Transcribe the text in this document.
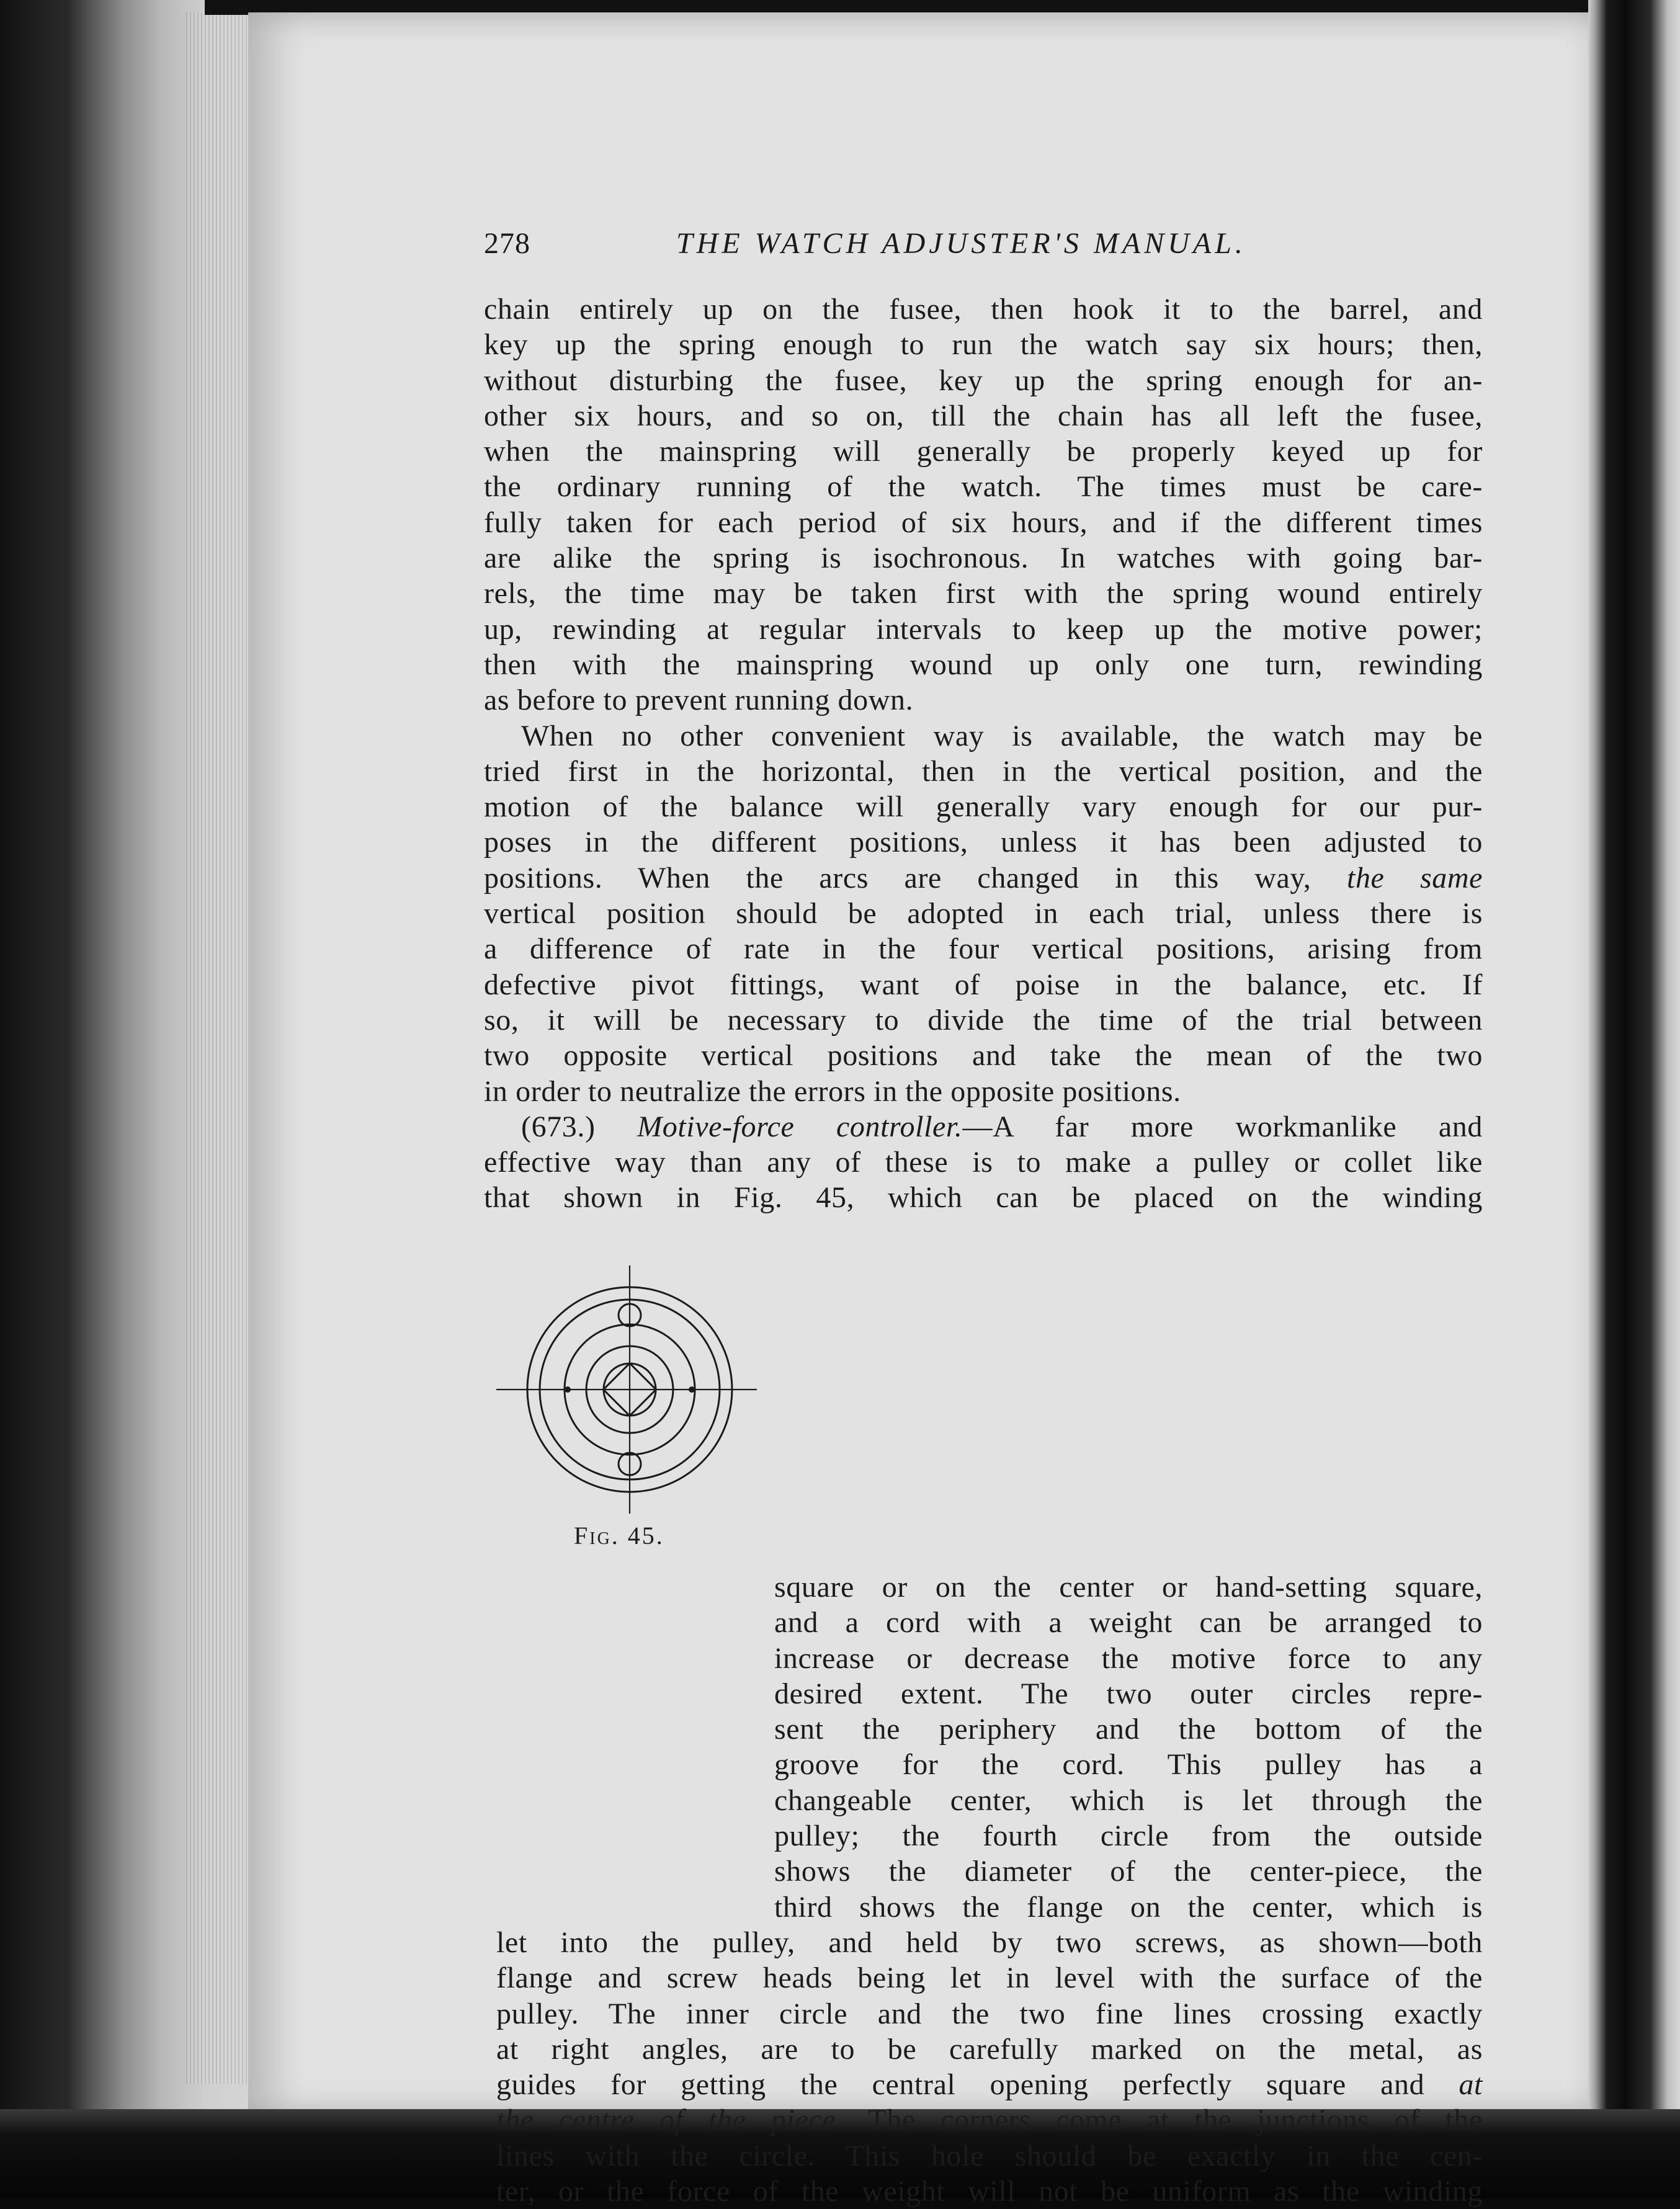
278	THE WATCH ADJUSTER'S MANUAL.
chain entirely up on the fusee, then hook it to the barrel, and
key up the spring enough to run the watch say six hours; then,
without disturbing the fusee, key up the spring enough for an-
other six hours, and so on, till the chain has all left the fusee,
when the mainspring will generally be properly keyed up for
the ordinary running of the watch. The times must be care-
fully taken for each period of six hours, and if the different times
are alike the spring is isochronous. In watches with going bar-
rels, the time may be taken first with the spring wound entirely
up, rewinding at regular intervals to keep up the motive power;
then with the mainspring wound up only one turn, rewinding
as before to prevent running down.
When no other convenient way is available, the watch may be
tried first in the horizontal, then in the vertical position, and the
motion of the balance will generally vary enough for our pur-
poses in the different positions, unless it has been adjusted to
positions. When the arcs are changed in this way, the same
vertical position should be adopted in each trial, unless there is
a difference of rate in the four vertical positions, arising from
defective pivot fittings, want of poise in the balance, etc. If
so, it will be necessary to divide the time of the trial between
two opposite vertical positions and take the mean of the two
in order to neutralize the errors in the opposite positions.
(673.) Motive-force controller.—A far more workmanlike and
effective way than any of these is to make a pulley or collet like
that shown in Fig. 45, which can be placed on the winding
Fig. 45.
square or on the center or hand-setting square,
and a cord with a weight can be arranged to
increase or decrease the motive force to any
desired extent. The two outer circles repre-
sent the periphery and the bottom of the
groove for the cord. This pulley has a
changeable center, which is let through the
pulley; the fourth circle from the outside
shows the diameter of the center-piece, the
third shows the flange on the center, which is
let into the pulley, and held by two screws, as shown—both
flange and screw heads being let in level with the surface of the
pulley. The inner circle and the two fine lines crossing exactly
at right angles, are to be carefully marked on the metal, as
guides for getting the central opening perfectly square and at
the centre of the piece. The corners come at the junctions of the
lines with the circle. This hole should be exactly in the cen-
ter, or the force of the weight will not be uniform as the winding
